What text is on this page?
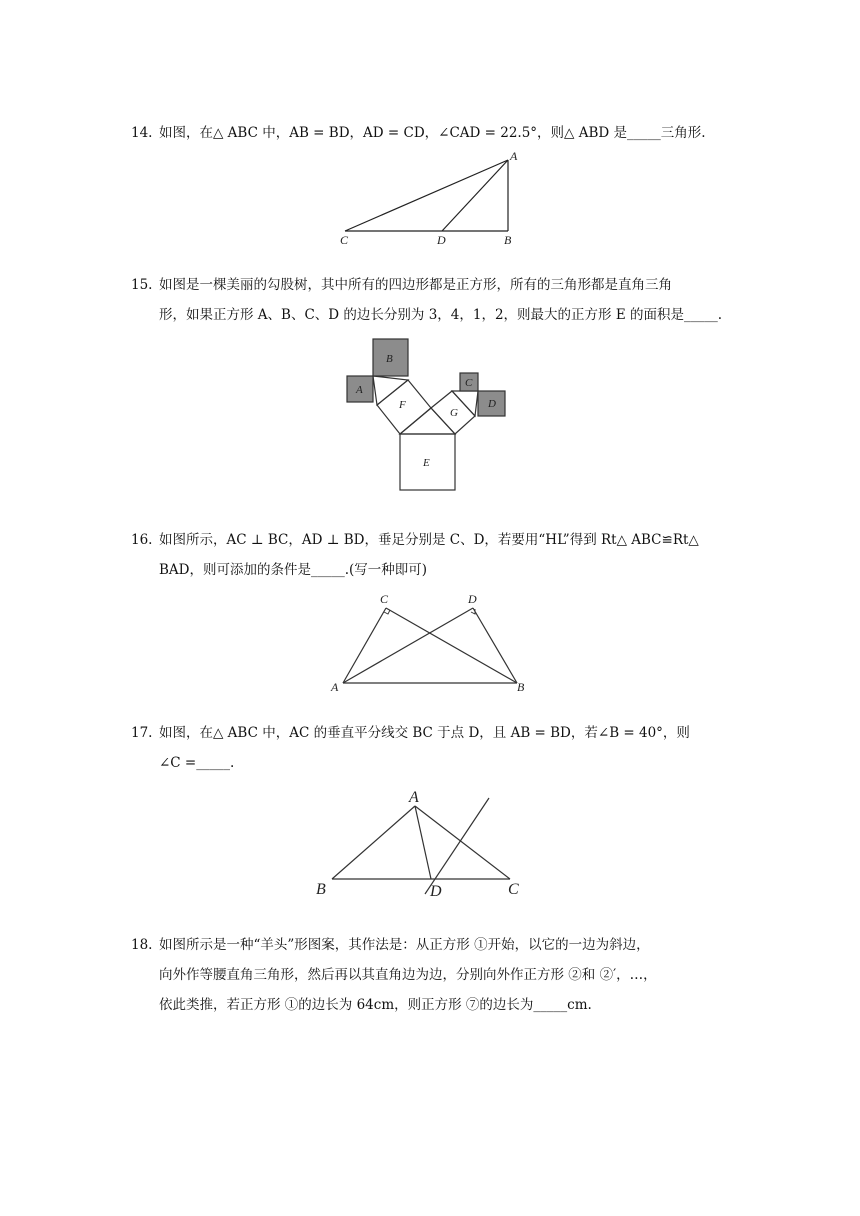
14. 如图，在△ ABC 中，AB = BD，AD = CD，∠CAD = 22.5°，则△ ABD 是_____三角形.
A
C	D	B
15. 如图是一棵美丽的勾股树，其中所有的四边形都是正方形，所有的三角形都是直角三角
形，如果正方形 A、B、C、D 的边长分别为 3，4，1，2，则最大的正方形 E 的面积是_____.
A
B
C
D
E
F
G
16. 如图所示，AC ⊥ BC，AD ⊥ BD，垂足分别是 C、D，若要用“HL”得到 Rt△ ABC≌Rt△
BAD，则可添加的条件是_____.(写一种即可)
C	D
A	B
17. 如图，在△ ABC 中，AC 的垂直平分线交 BC 于点 D，且 AB = BD，若∠B = 40°，则
∠C =_____.
A
B	D	C
18. 如图所示是一种“羊头”形图案，其作法是：从正方形 ①开始，以它的一边为斜边，
向外作等腰直角三角形，然后再以其直角边为边，分别向外作正方形 ②和 ②′，…，
依此类推，若正方形 ①的边长为 64cm，则正方形 ⑦的边长为_____cm.
